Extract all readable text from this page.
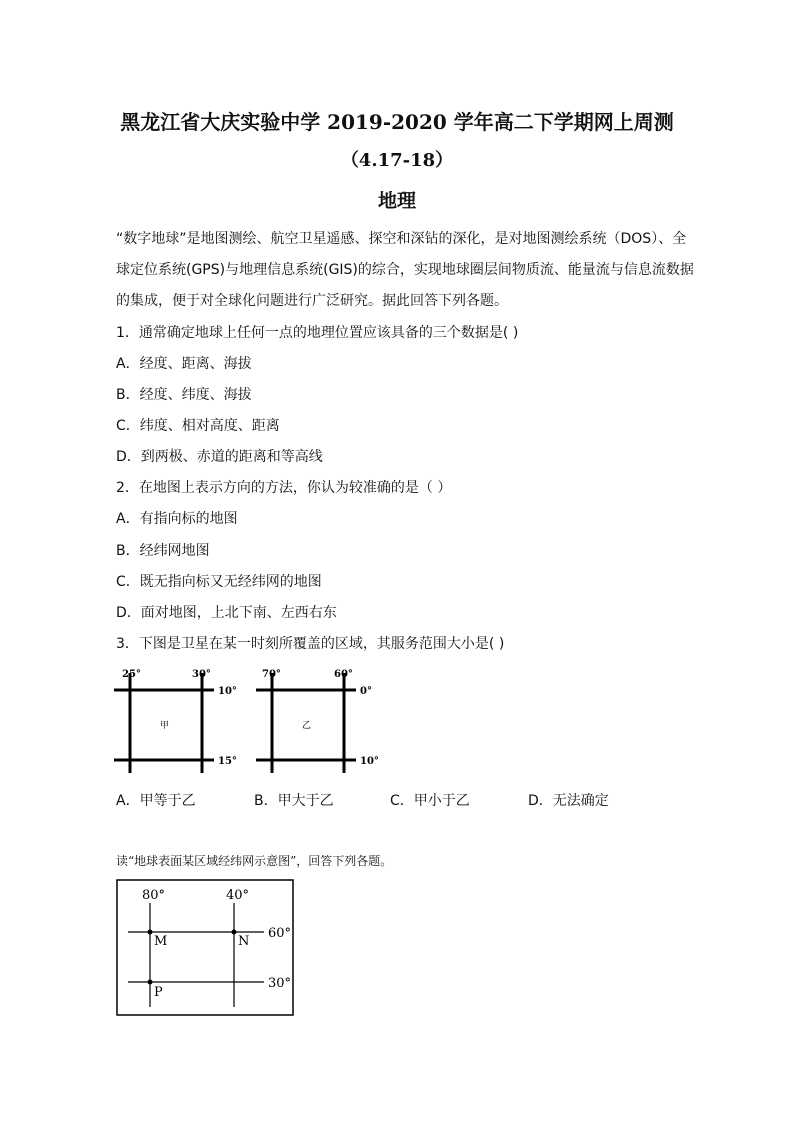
黑龙江省大庆实验中学 2019-2020 学年高二下学期网上周测
（4.17-18）
地理
“数字地球”是地图测绘、航空卫星遥感、探空和深钻的深化，是对地图测绘系统（DOS）、全
球定位系统(GPS)与地理信息系统(GIS)的综合，实现地球圈层间物质流、能量流与信息流数据
的集成，便于对全球化问题进行广泛研究。据此回答下列各题。
1．通常确定地球上任何一点的地理位置应该具备的三个数据是( )
A．经度、距离、海拔
B．经度、纬度、海拔
C．纬度、相对高度、距离
D．到两极、赤道的距离和等高线
2．在地图上表示方向的方法，你认为较准确的是（ ）
A．有指向标的地图
B．经纬网地图
C．既无指向标又无经纬网的地图
D．面对地图，上北下南、左西右东
3．下图是卫星在某一时刻所覆盖的区域，其服务范围大小是( )
25°	30°
10°
15°
甲
70°	60°
0°
10°
乙
A．甲等于乙	B．甲大于乙	C．甲小于乙	D．无法确定
读“地球表面某区域经纬网示意图”，回答下列各题。
80°	40°
60°
30°
M	N
P
